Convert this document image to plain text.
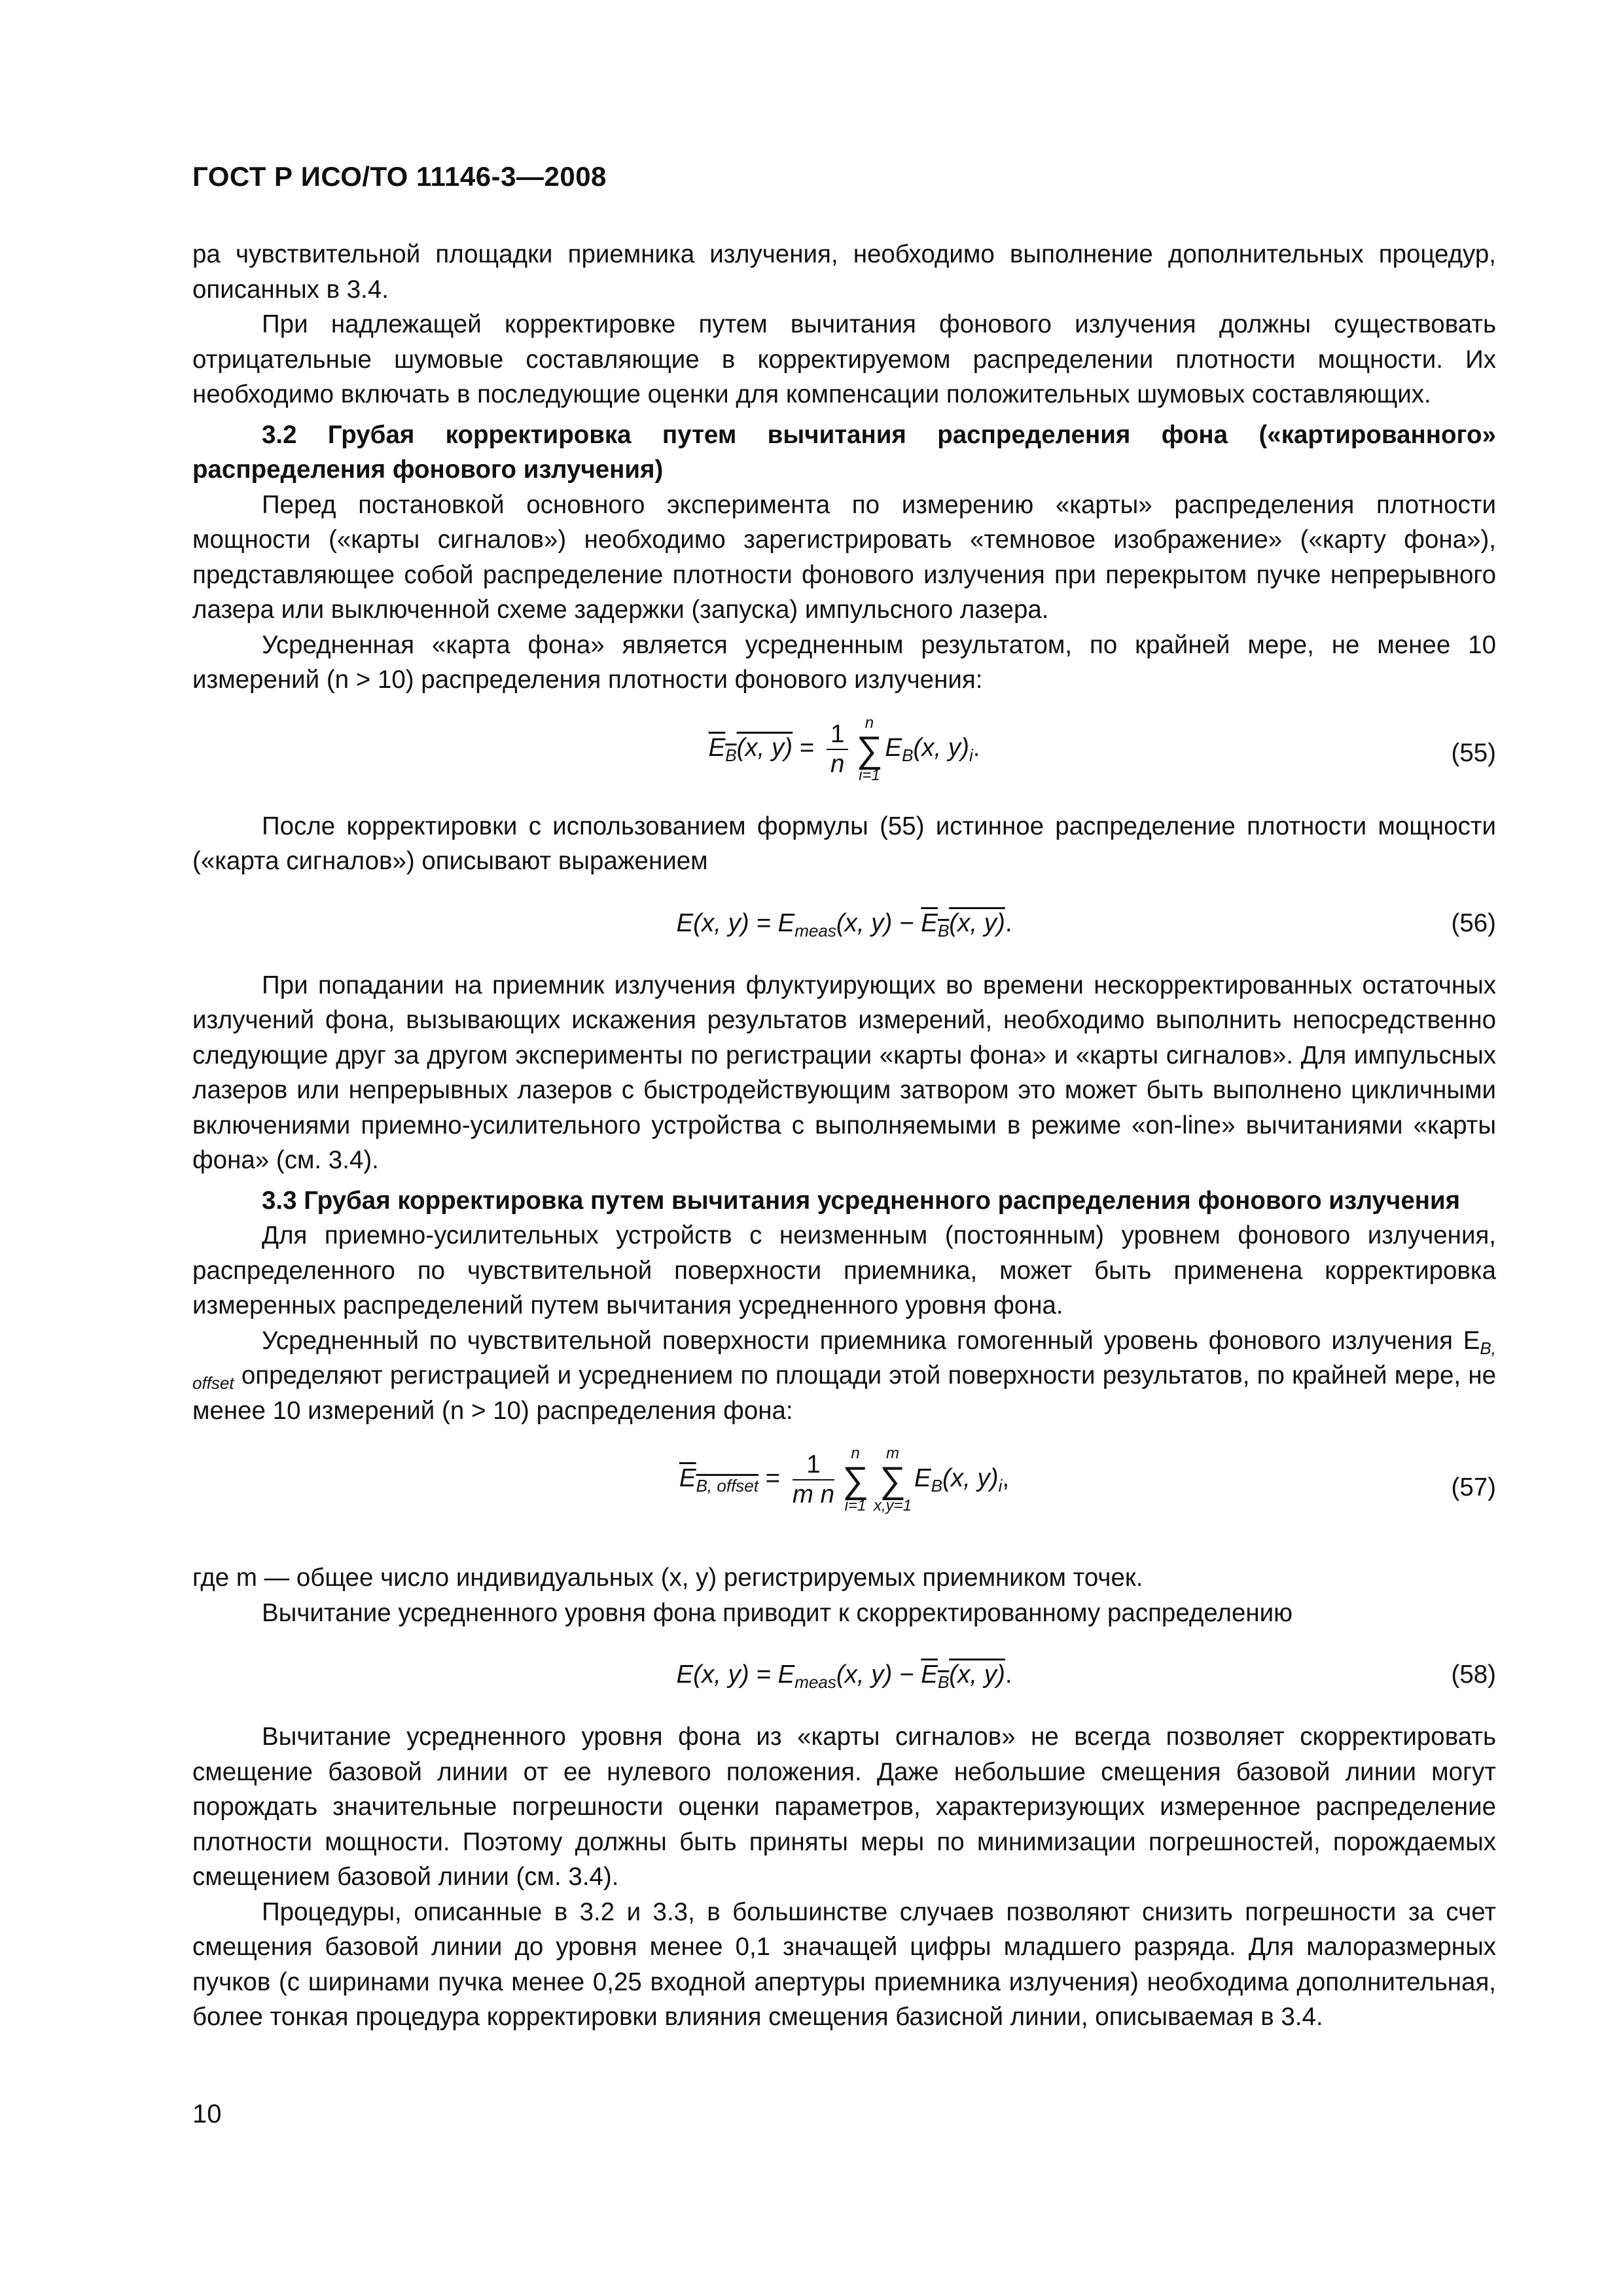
ГОСТ Р ИСО/ТО 11146-3—2008

ра чувствительной площадки приемника излучения, необходимо выполнение дополнительных процедур, описанных в 3.4.

При надлежащей корректировке путем вычитания фонового излучения должны существовать отрицательные шумовые составляющие в корректируемом распределении плотности мощности. Их необходимо включать в последующие оценки для компенсации положительных шумовых составляющих.

3.2 Грубая корректировка путем вычитания распределения фона («картированного» распределения фонового излучения)

Перед постановкой основного эксперимента по измерению «карты» распределения плотности мощности («карты сигналов») необходимо зарегистрировать «темновое изображение» («карту фона»), представляющее собой распределение плотности фонового излучения при перекрытом пучке непрерывного лазера или выключенной схеме задержки (запуска) импульсного лазера.

Усредненная «карта фона» является усредненным результатом, по крайней мере, не менее 10 измерений (n > 10) распределения плотности фонового излучения:

$E_B(x$, $y) = \frac{1}{n}$	n
∑
i=1
$E_B(x$, $y)_i$.	(55)

После корректировки с использованием формулы (55) истинное распределение плотности мощности («карта сигналов») описывают выражением

E(x, $y) = E_{meas}(x$, $y) - E_B(x$, y).	(56)

При попадании на приемник излучения флуктуирующих во времени нескорректированных остаточных излучений фона, вызывающих искажения результатов измерений, необходимо выполнить непосредственно следующие друг за другом эксперименты по регистрации «карты фона» и «карты сигналов». Для импульсных лазеров или непрерывных лазеров с быстродействующим затвором это может быть выполнено цикличными включениями приемно-усилительного устройства с выполняемыми в режиме «on-line» вычитаниями «карты фона» (см. 3.4).

3.3 Грубая корректировка путем вычитания усредненного распределения фонового излучения

Для приемно-усилительных устройств с неизменным (постоянным) уровнем фонового излучения, распределенного по чувствительной поверхности приемника, может быть применена корректировка измеренных распределений путем вычитания усредненного уровня фона.

Усредненный по чувствительной поверхности приемника гомогенный уровень фонового излучения $E_{B, offset}$ определяют регистрацией и усреднением по площади этой поверхности результатов, по крайней мере, не менее 10 измерений (n > 10) распределения фона:

$E_{B, offset} = \frac{1}{\text{m n}}$	n
∑
i=1
m
∑
x,y=1
$E_B(x$, $y)_i$,	(57)

где m — общее число индивидуальных (x, y) регистрируемых приемником точек.

Вычитание усредненного уровня фона приводит к скорректированному распределению

E(x, $y) = E_{meas}(x$, $y) - E_B(x$, y).	(58)

Вычитание усредненного уровня фона из «карты сигналов» не всегда позволяет скорректировать смещение базовой линии от ее нулевого положения. Даже небольшие смещения базовой линии могут порождать значительные погрешности оценки параметров, характеризующих измеренное распределение плотности мощности. Поэтому должны быть приняты меры по минимизации погрешностей, порождаемых смещением базовой линии (см. 3.4).

Процедуры, описанные в 3.2 и 3.3, в большинстве случаев позволяют снизить погрешности за счет смещения базовой линии до уровня менее 0,1 значащей цифры младшего разряда. Для малоразмерных пучков (с ширинами пучка менее 0,25 входной апертуры приемника излучения) необходима дополнительная, более тонкая процедура корректировки влияния смещения базисной линии, описываемая в 3.4.

10
